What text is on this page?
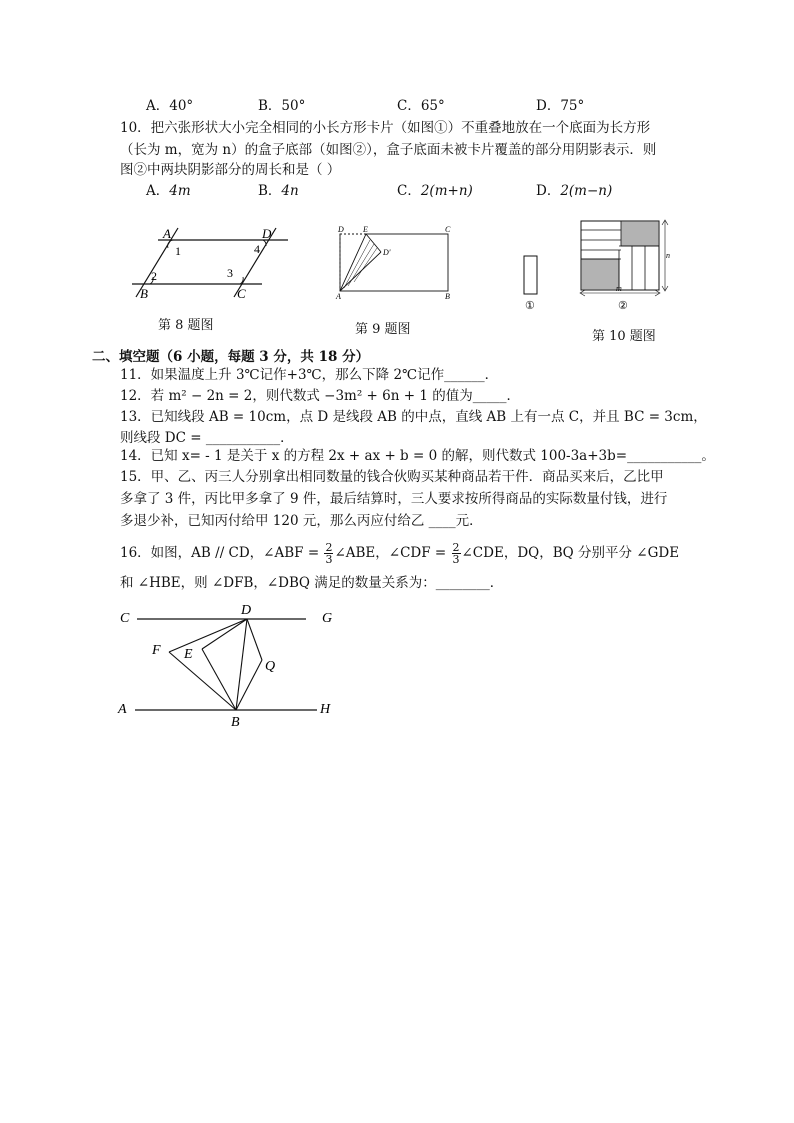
A．40°	B．50°	C．65°	D．75°
10．把六张形状大小完全相同的小长方形卡片（如图①）不重叠地放在一个底面为长方形
（长为 m，宽为 n）的盒子底部（如图②），盒子底面未被卡片覆盖的部分用阴影表示．则
图②中两块阴影部分的周长和是（ ）
A．4m	B．4n	C．2(m+n)	D．2(m−n)
A	D
B	C
1
2	3
4
第 8 题图
D E	C
D'
A	B
第 9 题图
①
n
m
②
第 10 题图
二、填空题（6 小题，每题 3 分，共 18 分）
11．如果温度上升 3℃记作+3℃，那么下降 2℃记作______．
12．若 m² − 2n = 2，则代数式 −3m² + 6n + 1 的值为_____．
13．已知线段 AB = 10cm，点 D 是线段 AB 的中点，直线 AB 上有一点 C，并且 BC = 3cm，
则线段 DC = ___________．
14．已知 x= - 1 是关于 x 的方程 2x + ax + b = 0 的解，则代数式 100-3a+3b=___________。
15．甲、乙、丙三人分别拿出相同数量的钱合伙购买某种商品若干件．商品买来后，乙比甲
多拿了 3 件，丙比甲多拿了 9 件，最后结算时，三人要求按所得商品的实际数量付钱，进行
多退少补，已知丙付给甲 120 元，那么丙应付给乙 ____元．
16．如图，AB // CD，∠ABF = $\frac{2}{3}$ ∠ABE，∠CDF = $\frac{2}{3}$ ∠CDE，DQ，BQ 分别平分 ∠GDE
和 ∠HBE，则 ∠DFB，∠DBQ 满足的数量关系为：________．
C
D
G
F E
Q
A
B
H
